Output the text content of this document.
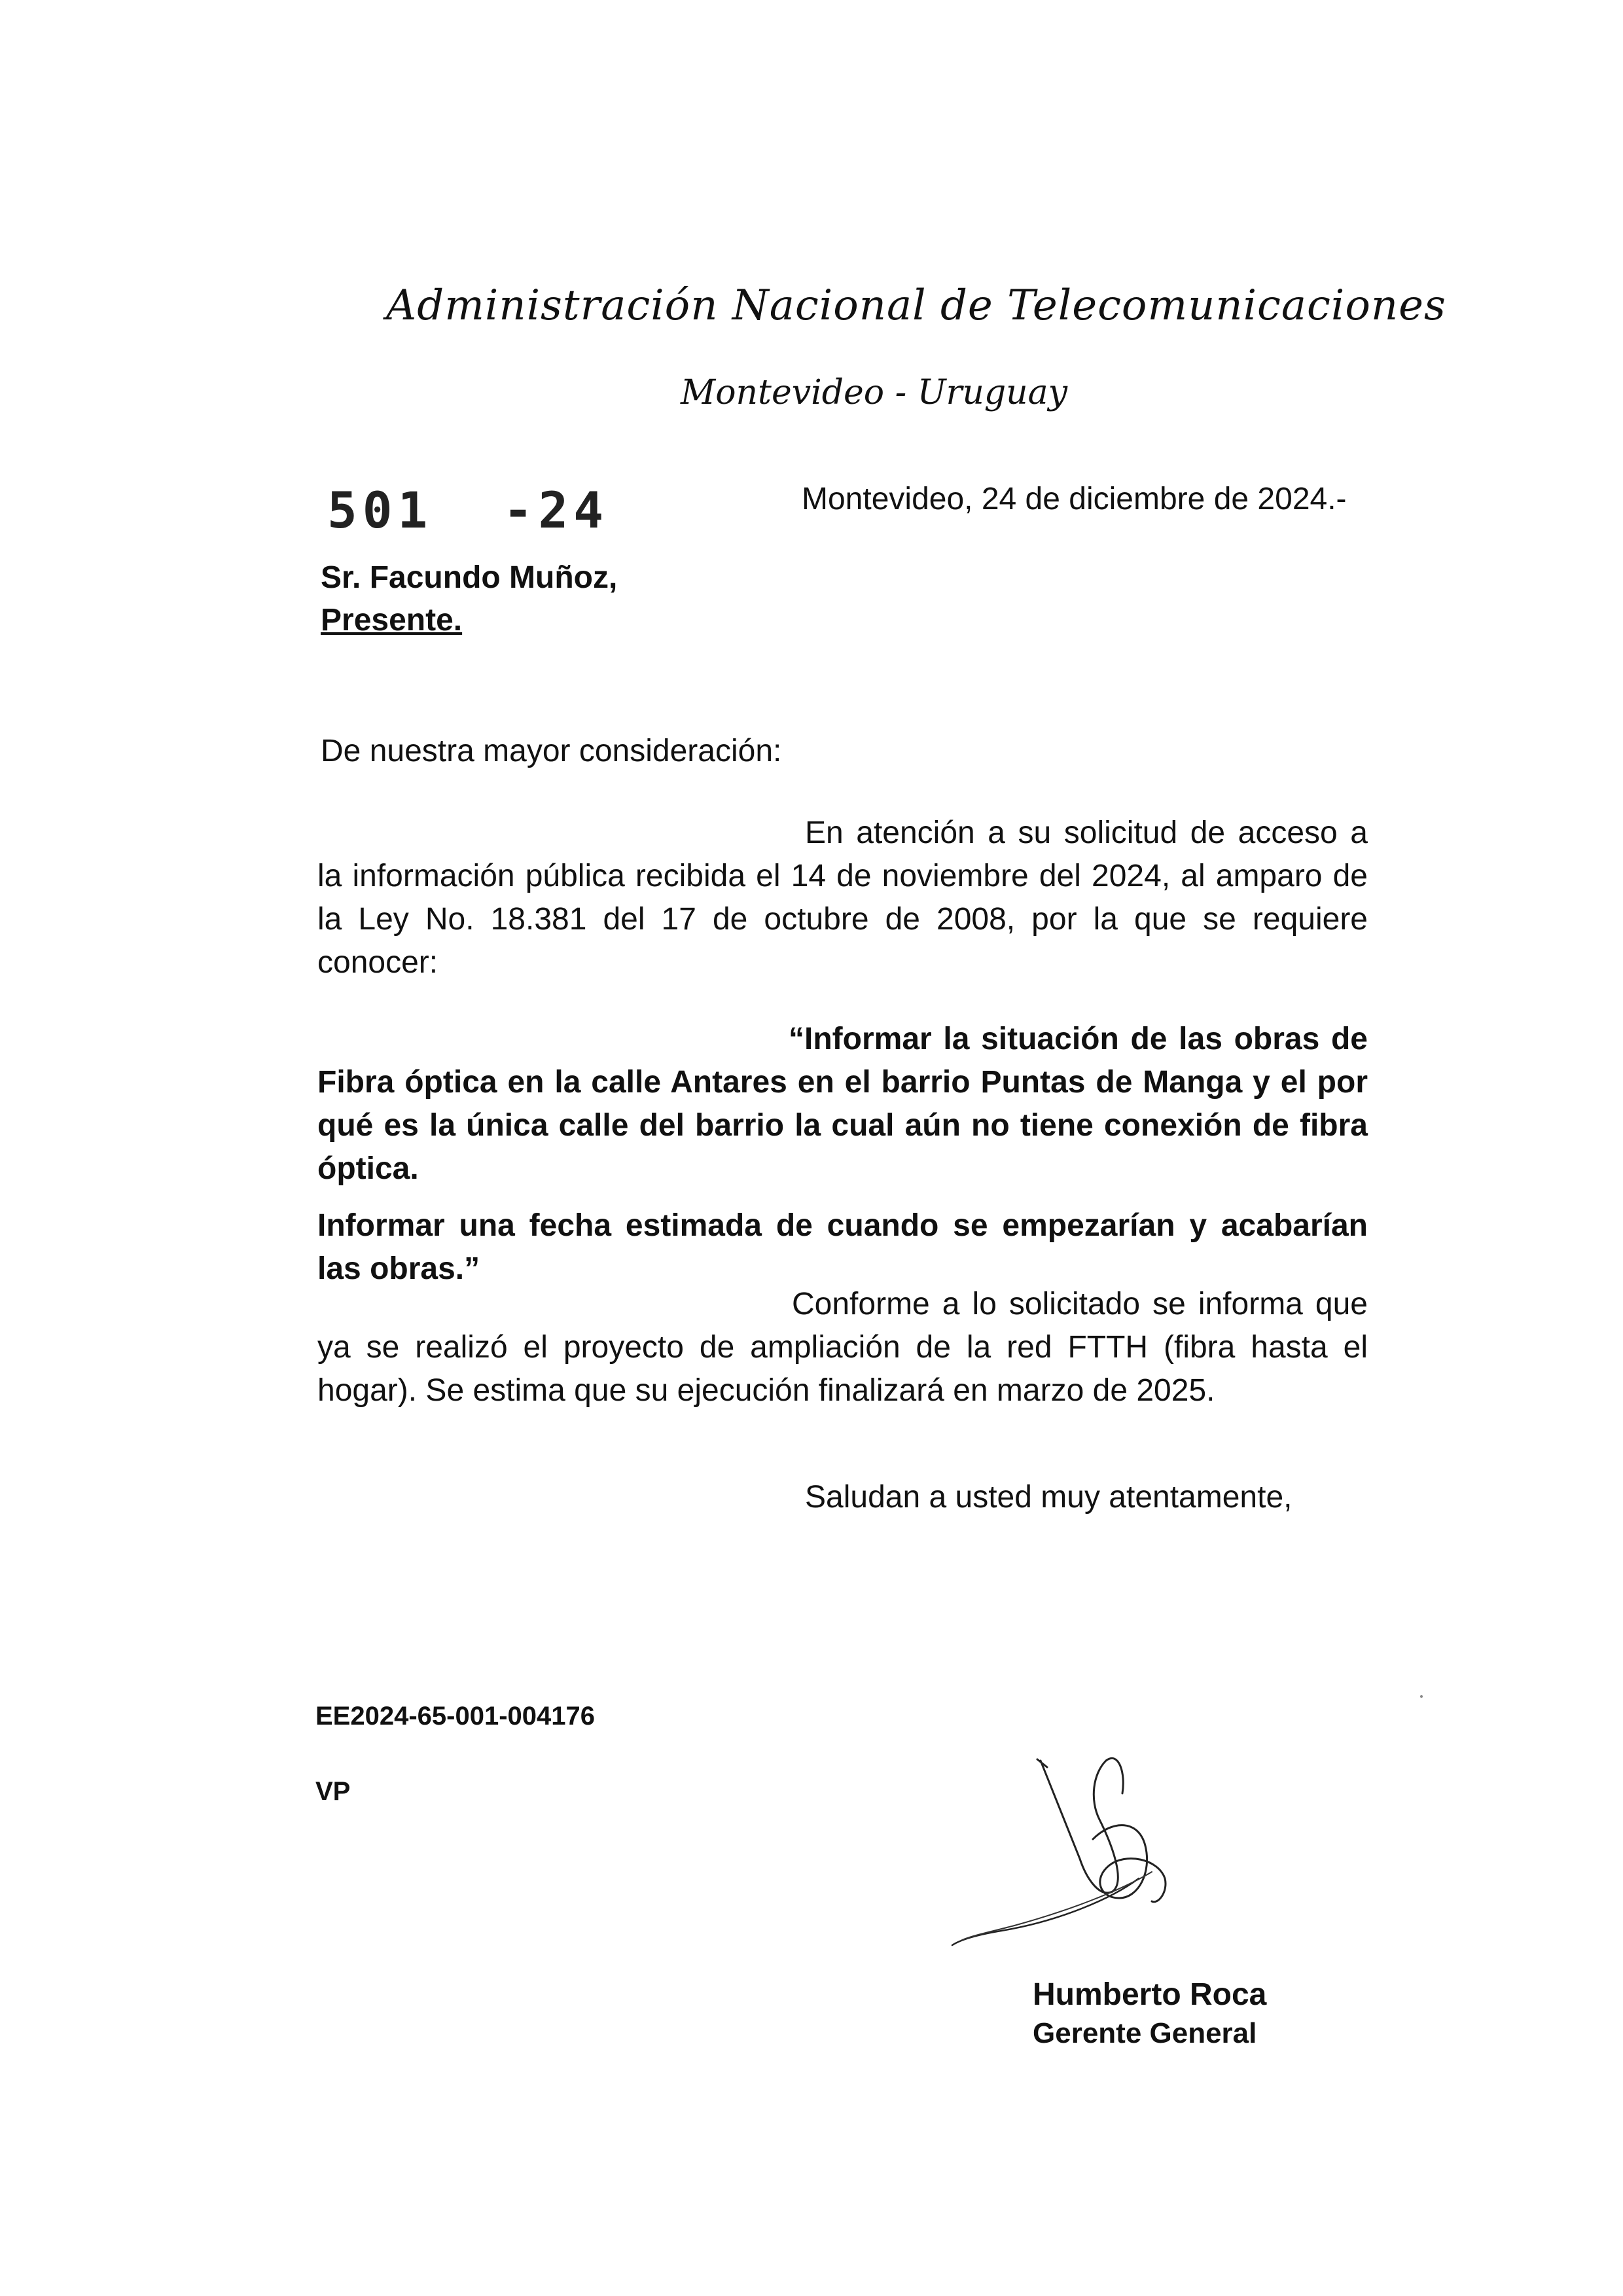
Administración Nacional de Telecomunicaciones
Montevideo - Uruguay
501  -24	Montevideo, 24 de diciembre de 2024.-
Sr. Facundo Muñoz,
Presente.
De nuestra mayor consideración:
En atención a su solicitud de acceso a la información pública recibida el 14 de noviembre del 2024, al amparo de la Ley No. 18.381 del 17 de octubre de 2008, por la que se requiere conocer:
“Informar la situación de las obras de Fibra óptica en la calle Antares en el barrio Puntas de Manga y el por qué es la única calle del barrio la cual aún no tiene conexión de fibra óptica.
Informar una fecha estimada de cuando se empezarían y acabarían las obras.”
Conforme a lo solicitado se informa que ya se realizó el proyecto de ampliación de la red FTTH (fibra hasta el hogar). Se estima que su ejecución finalizará en marzo de 2025.
Saludan a usted muy atentamente,
EE2024-65-001-004176
VP
Humberto Roca
Gerente General
